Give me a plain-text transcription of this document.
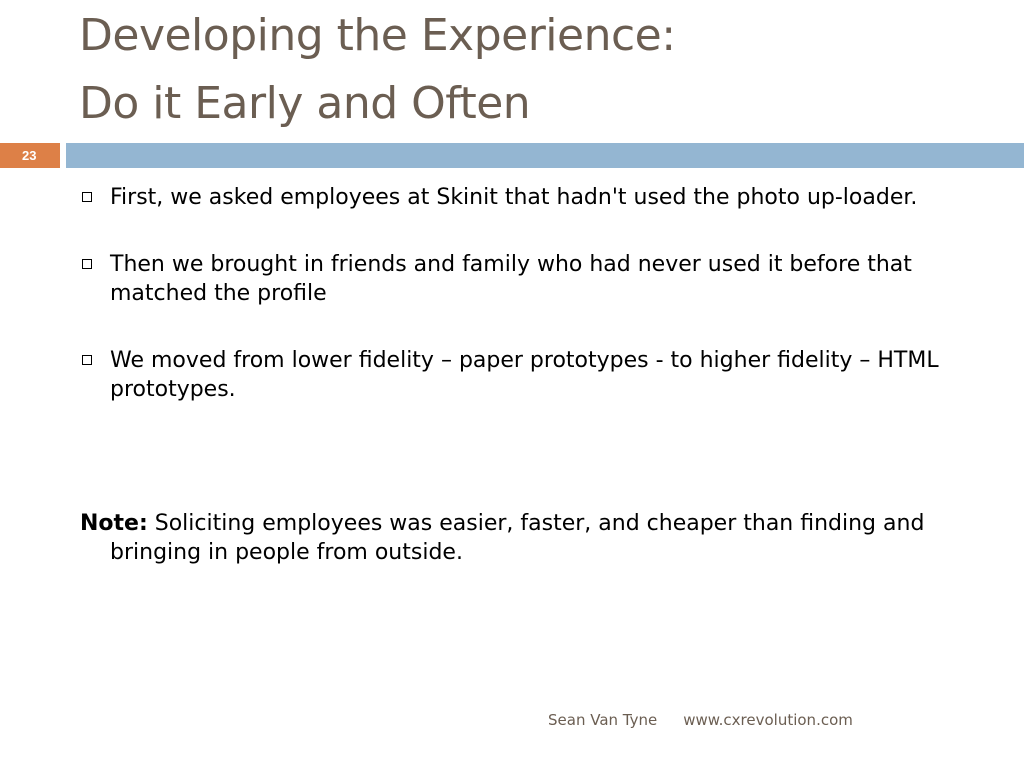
Developing the Experience:
Do it Early and Often
23
First, we asked employees at Skinit that hadn't used the photo up-loader.
Then we brought in friends and family who had never used it before that matched the profile
We moved from lower fidelity – paper prototypes - to higher fidelity – HTML prototypes.
Note: Soliciting employees was easier, faster, and cheaper than finding and bringing in people from outside.
Sean Van Tyne www.cxrevolution.com
